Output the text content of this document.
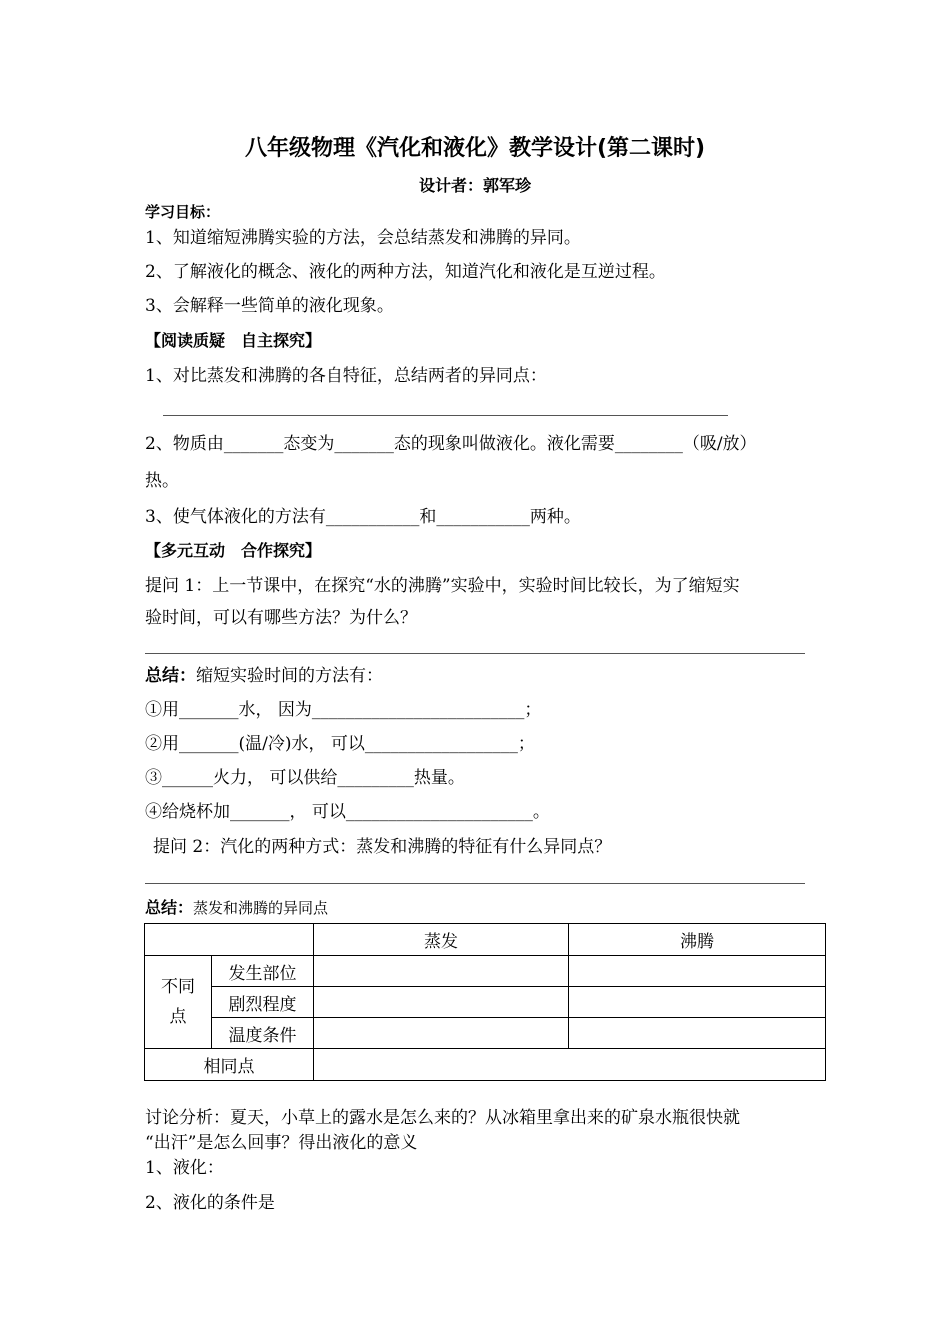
八年级物理《汽化和液化》教学设计(第二课时)
设计者：郭军珍
学习目标：
1、知道缩短沸腾实验的方法，会总结蒸发和沸腾的异同。
2、了解液化的概念、液化的两种方法，知道汽化和液化是互逆过程。
3、会解释一些简单的液化现象。
【阅读质疑　自主探究】
1、对比蒸发和沸腾的各自特征，总结两者的异同点：
2、物质由_______态变为_______态的现象叫做液化。液化需要________（吸/放）
热。
3、使气体液化的方法有___________和___________两种。
【多元互动　合作探究】
提问 1：上一节课中，在探究“水的沸腾”实验中，实验时间比较长，为了缩短实
验时间，可以有哪些方法？为什么？
总结：缩短实验时间的方法有：
①用_______水， 因为_________________________；
②用_______(温/冷)水， 可以__________________；
③______火力， 可以供给_________热量。
④给烧杯加_______， 可以______________________。
提问 2：汽化的两种方式：蒸发和沸腾的特征有什么异同点？
总结：蒸发和沸腾的异同点
		蒸发	沸腾
不同点	发生部位		
	剧烈程度		
	温度条件		
相同点			
讨论分析：夏天，小草上的露水是怎么来的？从冰箱里拿出来的矿泉水瓶很快就
“出汗”是怎么回事？得出液化的意义
1、液化：
2、液化的条件是
